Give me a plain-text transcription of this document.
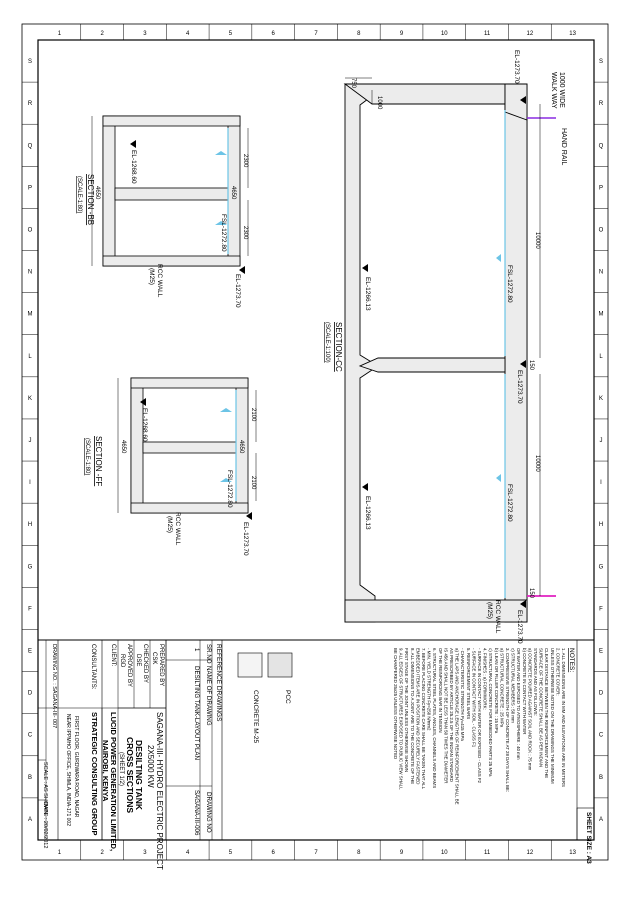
1
1
2
2
3
3
4
4
5
5
6
6
7
7
8
8
9
9
10
10
11
11
12
12
13
13
S	S
R	R
Q	Q
P	P
O	O
N	N
M	M
L	L
K	K
J	J
I	I
H	H
G	G
F	F
E	E
D	D
C	C
B	B
A	A
1000 WIDE
WALK WAY
HAND RAIL
EL-1273.70
750
1000
150
150
10000
10000
FSL-1272.80
FSL-1272.80
EL-1273.70
EL-1266.13
EL-1266.13
EL-1273.70
RCC WALL
(M25)
SECTION-CC
(SCALE-1:100)
EL-1268.60	2300
2300
4650
4650
FSL-1272.80
EL-1273.70
RCC WALL
(M25)
SECTION -BB
(SCALE-1:80)
EL-1268.60	2100
2100
4650
4650
FSL-1272.80
EL-1273.70
RCC WALL
(M25)
SECTION -FF
(SCALE-1:80)
SHEET SIZE : A3
NOTES:
1. ALL DIMENSIONS ARE IN MM AND ELEVATIONS ARE IN METERS
2. CONCRETE COVER:
UNLESS OTHERWISE NOTED ON THE DRAWINGS THE MINIMUM
CLEAR DISTANCE BETWEEN THE REINFORCEMENT AND THE
SURFACE OF THE CONCRETE SHALL BE AS PER INDIAN
STANDARDS AND AS FOLLOWS:
a) CONCRETE POURED AGAINST SOIL AND ROCK : 75 mm
b) CONCRETE IN CONTACT WITH WATER
OR WATER AND EXPOSED TO ATMOSPHERE : 40 mm
c) STRUCTURAL MEMBERS : 50 mm
3. COMPRESSIVE STRENGTH OF CONCRETE AT 28 DAYS SHALL BE:
a) STRUCTURAL CONCRETE : 25 MPa
b) LEAN OR FILLER CONCRETE : 15 MPa
c) STRUCTURAL CONCRETE FOR EMBEDDED PARTS 25 MPa
4. FINISHES : a) FORMWORK:
- SURFACE IN CONTACT WITH WATER OR EXPOSED - CLASS F2
- SURFACE IN CONTACT WITH SOIL - CLASS F1
5. REINFORCEMENT STEEL BARS
- CHARACTERISTIC STRENGTH Fy=415 MPa
a) THE LAPS AND ANCHORAGE LENGTHS OF REINFORCEMENT SHALL BE
AS PRESCRIBED BY ARTICLE 25.2.5 OF THE INDIAN STANDARD
IS 456 AND SHALL NOT BE LESS THAN 50 TIMES THE DIAMETER
OF THE REINFORCING BAR IN TENSION
6. STRUCTURAL STEEL PLATES, ANGLES, CHANNELS AND BEAMS
- MIN. YIELD STRENGTH Fy=250 N/mm2
7. BEFORE PLACING CONCRETE CARE SHALL BE TAKEN THAT ALL
EMBEDDED ITEMS ARE IN POSITION AND SECURELY FASTENED
8. ALL DIMENSIONS TO A JOINT ARE TO THE CONCRETE OF THE
FIRST STAGE OF THE JOINT UNLESS OTHERWISE SHOWN
9. ALL EDGES OF STRUCTURES EXPOSED TO PUBLIC VIEW SHALL
BE CHAMFERED 25x25 UNLESS OTHERWISE NOTED
PCC
CONCRETE M-25
REFERENCE DRAWINGS
SR.NO
NAME OF DRAWING
DRAWING NO
1
DESILTING TANK-LAYOUT PLAN
SAGANA-III-006
PREPARED BY
CSK
CHECKED BY
DSE
APPROVED BY
RGD
CLIENT:
SAGANA-III- HYDRO ELECTRIC PROJECT
2X5000 KW
DESILTING TANK
CROSS SECTIONS
(SHEET 1/2)
LUCID POWER GENERATION LIMITED,
NAIROBI, KENYA
CONSULTANTS:
STRATEGIC CONSULTING GROUP
FIRST FLOOR, GURDWARA ROAD, NAGAR
NEAR IPPMHO OFFICE, SHIMLA, INDIA-171 002
DRAWING NO. : SAGANA-III- 007
SCALE : AS SHOWN
DATE : 20/02/2012
